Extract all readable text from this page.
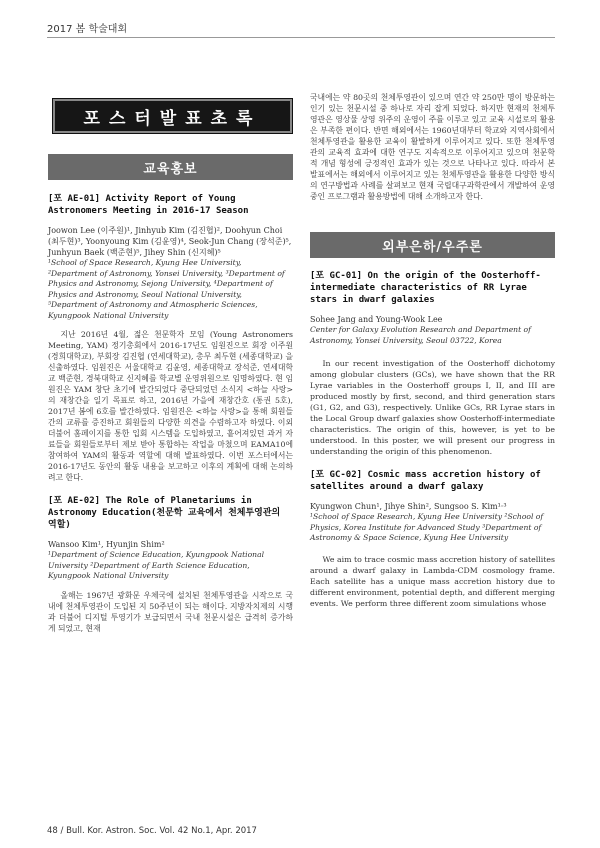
2017 봄 학술대회
포스터발표초록
교육홍보
[포 AE-01] Activity Report of Young Astronomers Meeting in 2016-17 Season
Joowon Lee (이주원)¹, Jinhyub Kim (김진협)², Doohyun Choi (최두현)³, Yoonyoung Kim (김윤영)⁴, Seok-Jun Chang (장석준)⁵, Junhyun Baek (백준현)⁵, Jihey Shin (신지혜)⁵
¹School of Space Research, Kyung Hee University, ²Department of Astronomy, Yonsei University, ³Department of Physics and Astronomy, Sejong University, ⁴Department of Physics and Astronomy, Seoul National University, ⁵Department of Astronomy and Atmospheric Sciences, Kyungpook National University
지난 2016년 4월, 젊은 천문학자 모임 (Young Astronomers Meeting, YAM) 정기총회에서 2016-17년도 임원진으로 회장 이주원 (경희대학교), 부회장 김진협 (연세대학교), 총무 최두현 (세종대학교) 을 신출하였다. 임원진은 서울대학교 김윤영, 세종대학교 장석준, 연세대학교 백준현, 경북대학교 신지혜를 학교별 운영위원으로 임명하였다. 현 임원진은 YAM 창단 초기에 발간되었다 중단되었던 소식지 <하늘 사랑>의 재창간을 일기 목표로 하고, 2016년 가을에 재창간호 (통권 5호), 2017년 봄에 6호를 발간하였다. 임원진은 <하늘 사랑>을 통해 회원들 간의 교류를 증진하고 회원들의 다양한 의견을 수렴하고자 하였다. 이외 더불어 홈페이지를 통한 입회 시스템을 도입하였고, 흩어져있던 과거 자료들을 회원들로부터 제보 받아 통합하는 작업을 마쳤으며 EAMA10에 참여하여 YAM의 활동과 역할에 대해 발표하였다. 이번 포스터에서는 2016-17년도 동안의 활동 내용을 보고하고 이후의 계획에 대해 논의하려고 한다.
[포 AE-02] The Role of Planetariums in Astronomy Education(천문학 교육에서 천체투영관의 역할)
Wansoo Kim¹, Hyunjin Shim²
¹Department of Science Education, Kyungpook National University ²Department of Earth Science Education, Kyungpook National University
올해는 1967년 광화문 우체국에 설치된 천체투영관을 시작으로 국내에 천체투영관이 도입된 지 50주년이 되는 해이다. 지방자치제의 시행과 더불어 디지털 투영기가 보급되면서 국내 천문시설은 급격히 증가하게 되었고, 현재
국내에는 약 80곳의 천체투영관이 있으며 연간 약 250만 명이 방문하는 인기 있는 천문시설 중 하나로 자리 잡게 되었다. 하지만 현재의 천체투영관은 영상물 상영 위주의 운영이 주를 이루고 있고 교육 시설로의 활용은 부족한 편이다. 반면 해외에서는 1960년대부터 학교와 지역사회에서 천체투영관을 활용한 교육이 활발하게 이루어지고 있다. 또한 천체투영관의 교육적 효과에 대한 연구도 지속적으로 이루어지고 있으며 천문학적 개념 형성에 긍정적인 효과가 있는 것으로 나타나고 있다. 따라서 본 발표에서는 해외에서 이루어지고 있는 천체투영관을 활용한 다양한 방식의 연구방법과 사례를 살펴보고 현재 국립대구과학관에서 개발하여 운영 중인 프로그램과 활용방법에 대해 소개하고자 한다.
외부은하/우주론
[포 GC-01] On the origin of the Oosterhoff-intermediate characteristics of RR Lyrae stars in dwarf galaxies
Sohee Jang and Young-Wook Lee
Center for Galaxy Evolution Research and Department of Astronomy, Yonsei University, Seoul 03722, Korea
In our recent investigation of the Oosterhoff dichotomy among globular clusters (GCs), we have shown that the RR Lyrae variables in the Oosterhoff groups I, II, and III are produced mostly by first, second, and third generation stars (G1, G2, and G3), respectively. Unlike GCs, RR Lyrae stars in the Local Group dwarf galaxies show Oosterhoff-intermediate characteristics. The origin of this, however, is yet to be understood. In this poster, we will present our progress in understanding the origin of this phenomenon.
[포 GC-02] Cosmic mass accretion history of satellites around a dwarf galaxy
Kyungwon Chun¹, Jihye Shin², Sungsoo S. Kim¹·³
¹School of Space Research, Kyung Hee University ²School of Physics, Korea Institute for Advanced Study ³Department of Astronomy & Space Science, Kyung Hee University
We aim to trace cosmic mass accretion history of satellites around a dwarf galaxy in Lambda-CDM cosmology frame. Each satellite has a unique mass accretion history due to different environment, potential depth, and different merging events. We perform three different zoom simulations whose
48 / Bull. Kor. Astron. Soc. Vol. 42 No.1, Apr. 2017
